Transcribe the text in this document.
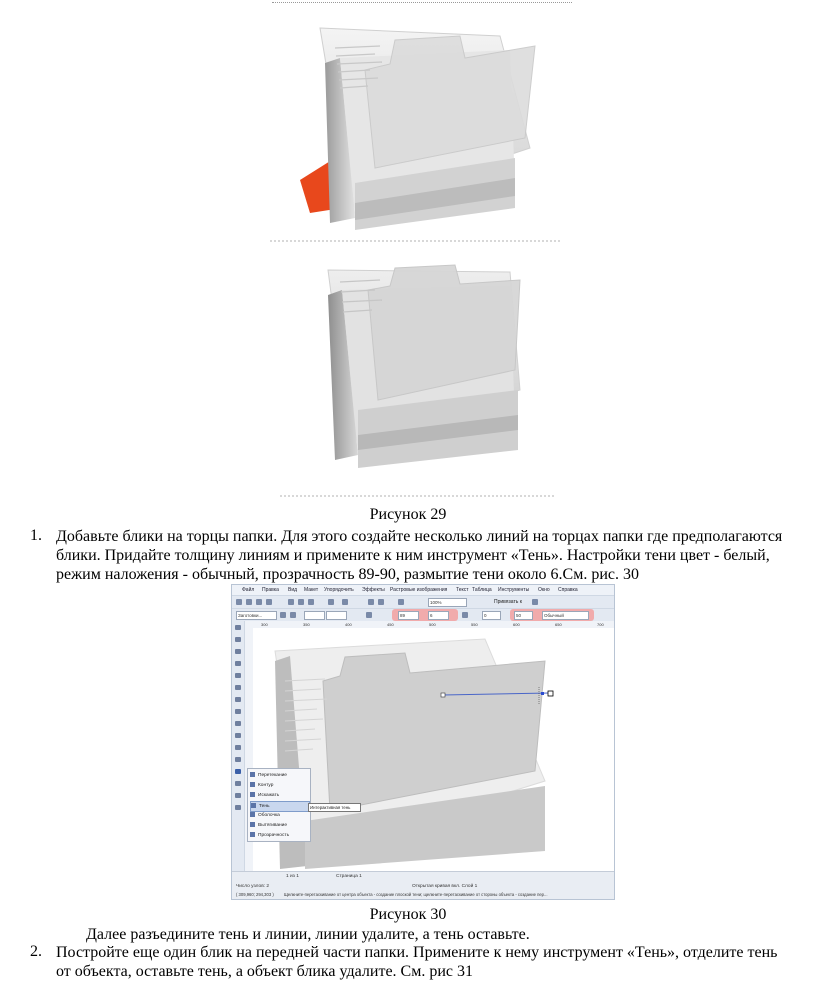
Рисунок 29
1. Добавьте блики на торцы папки. Для этого создайте несколько линий на торцах папки где предполагаются
блики. Придайте толщину линиям и примените к ним инструмент «Тень». Настройки тени цвет - белый,
режим наложения - обычный, прозрачность 89-90, размытие тени около 6.См. рис. 30
Файл Правка Вид Макет Упорядочить Эффекты Растровые изображения Текст Таблица Инструменты Окно Справка
100%	Привязать к
Заготовки...	89	6	0	50	Обычный
300	350	400	450	500	550	600	650	700
Перетекание
Контур
Искажать
Тень
Оболочка
Вытягивание
Прозрачность
Интерактивная тень
1 из 1	Страница 1
Число узлов: 2	Открытая кривая вкл. Слой 1
( 309,960; 294,303 ) Щелкните-перетаскивание от центра объекта - создание плоской тени; щелкните-перетаскивание от стороны объекта - создание пер...
Рисунок 30
Далее разъедините тень и линии, линии удалите, а тень оставьте.
2. Постройте еще один блик на передней части папки. Примените к нему инструмент «Тень», отделите тень
от объекта, оставьте тень, а объект блика удалите. См. рис 31
